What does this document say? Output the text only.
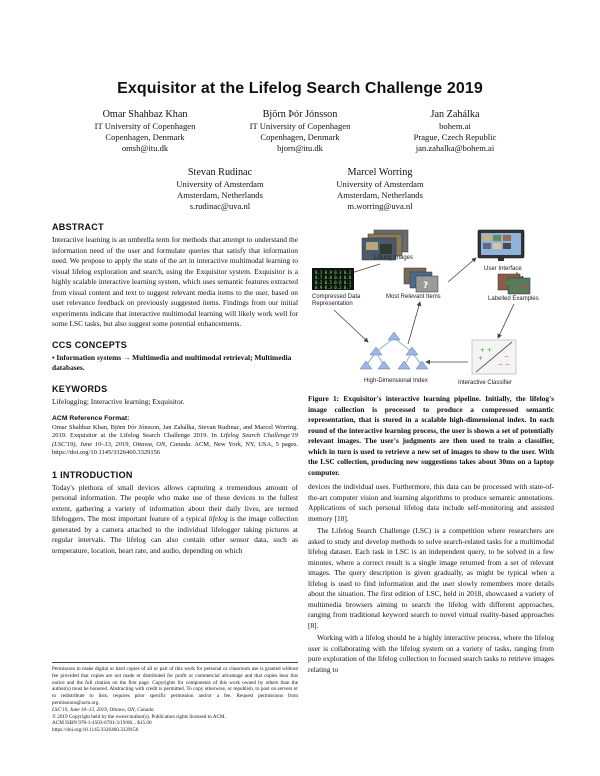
Exquisitor at the Lifelog Search Challenge 2019
Omar Shahbaz Khan
IT University of Copenhagen
Copenhagen, Denmark
omsh@itu.dk
Björn Þór Jónsson
IT University of Copenhagen
Copenhagen, Denmark
bjorn@itu.dk
Jan Zahálka
bohem.ai
Prague, Czech Republic
jan.zahalka@bohem.ai
Stevan Rudinac
University of Amsterdam
Amsterdam, Netherlands
s.rudinac@uva.nl
Marcel Worring
University of Amsterdam
Amsterdam, Netherlands
m.worring@uva.nl
ABSTRACT

Interactive learning is an umbrella term for methods that attempt to understand the information need of the user and formulate queries that satisfy that information need. We propose to apply the state of the art in interactive multimodal learning to visual lifelog exploration and search, using the Exquisitor system. Exquisitor is a highly scalable interactive learning system, which uses semantic features extracted from visual content and text to suggest relevant media items to the user, based on user relevance feedback on previously suggested items. Findings from our initial experiments indicate that interactive multimodal learning will likely work well for some LSC tasks, but also suggest some potential enhancements.

CCS CONCEPTS

• Information systems → Multimedia and multimodal retrieval; Multimedia databases.

KEYWORDS

Lifelogging; Interactive learning; Exquisitor.

ACM Reference Format:

Omar Shahbaz Khan, Björn Þór Jónsson, Jan Zahálka, Stevan Rudinac, and Marcel Worring. 2019. Exquisitor at the Lifelog Search Challenge 2019. In Lifelog Search Challenge'19 (LSC'19), June 10–13, 2019, Ottawa, ON, Canada. ACM, New York, NY, USA, 5 pages. https://doi.org/10.1145/3326460.3329156

1 INTRODUCTION

Today's plethora of small devices allows capturing a tremendous amount of personal information. The people who make use of these devices to the fullest extent, gathering a variety of information about their daily lives, are termed lifeloggers. The most important feature of a typical lifelog is the image collection generated by a camera attached to the individual lifelogger taking pictures at regular intervals. The lifelog can also contain other sensor data, such as temperature, location, heart rate, and audio, depending on which

Permission to make digital or hard copies of all or part of this work for personal or classroom use is granted without fee provided that copies are not made or distributed for profit or commercial advantage and that copies bear this notice and the full citation on the first page. Copyrights for components of this work owned by others than the author(s) must be honored. Abstracting with credit is permitted. To copy otherwise, or republish, to post on servers or to redistribute to lists, requires prior specific permission and/or a fee. Request permissions from permissions@acm.org.

LSC'19, June 10–13, 2019, Ottawa, ON, Canada

© 2019 Copyright held by the owner/author(s). Publication rights licensed to ACM.

ACM ISBN 978-1-4503-6781-3/19/06... $15.00

https://doi.org/10.1145/3326460.3329156

Lifelog Images
User Interface
0.1 0.9 0.3 0.2
0.7 0.0 0.4 0.8
0.2 0.5 0.6 0.1
0.9 0.3 0.2 0.7
Compressed Data
Representation
?
Most Relevant Items
+ −
Labelled Examples
High-Dimensional Index
+ +
+
− −
−
Interactive Classifier

Figure 1: Exquisitor's interactive learning pipeline. Initially, the lifelog's image collection is processed to produce a compressed semantic representation, that is stored in a scalable high-dimensional index. In each round of the interactive learning process, the user is shown a set of potentially relevant images. The user's judgments are then used to train a classifier, which in turn is used to retrieve a new set of images to show to the user. With the LSC collection, producing new suggestions takes about 30ms on a laptop computer.

devices the individual uses. Furthermore, this data can be processed with state-of-the-art computer vision and learning algorithms to produce semantic annotations. Applications of such personal lifelog data include self-monitoring and assisted memory [10].

The Lifelog Search Challenge (LSC) is a competition where researchers are asked to study and develop methods to solve search-related tasks for a multimodal lifelog dataset. Each task in LSC is an independent query, to be solved in a few minutes, where a correct result is a single image returned from a set of relevant images. The query description is given gradually, as might be typical when a lifelog is used to find information and the user slowly remembers more details about the situation. The first edition of LSC, held in 2018, showcased a variety of multimedia browsers aiming to search the lifelog with different approaches, ranging from traditional keyword search to novel virtual reality-based approaches [8].

Working with a lifelog should be a highly interactive process, where the lifelog user is collaborating with the lifelog system on a variety of tasks, ranging from pure exploration of the lifelog collection to focused search tasks to retrieve images relating to
